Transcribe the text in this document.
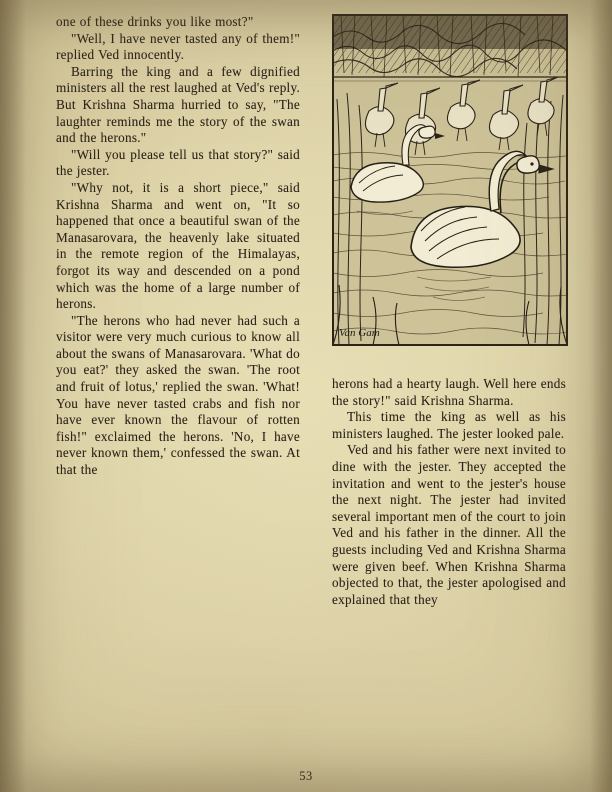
one of these drinks you like most?"

"Well, I have never tasted any of them!" replied Ved innocently.

Barring the king and a few dignified ministers all the rest laughed at Ved's reply. But Krishna Sharma hurried to say, "The laughter reminds me the story of the swan and the herons."

"Will you please tell us that story?" said the jester.

"Why not, it is a short piece," said Krishna Sharma and went on, "It so happened that once a beautiful swan of the Manasarovara, the heavenly lake situated in the remote region of the Himalayas, forgot its way and descended on a pond which was the home of a large number of herons.

"The herons who had never had such a visitor were very much curious to know all about the swans of Manasarovara. 'What do you eat?' they asked the swan. 'The root and fruit of lotus,' replied the swan. 'What! You have never tasted crabs and fish nor have ever known the flavour of rotten fish!" exclaimed the herons. 'No, I have never known them,' confessed the swan. At that the

Van Gam

herons had a hearty laugh. Well here ends the story!" said Krishna Sharma.

This time the king as well as his ministers laughed. The jester looked pale.

Ved and his father were next invited to dine with the jester. They accepted the invitation and went to the jester's house the next night. The jester had invited several important men of the court to join Ved and his father in the dinner. All the guests including Ved and Krishna Sharma were given beef. When Krishna Sharma objected to that, the jester apologised and explained that they

53
